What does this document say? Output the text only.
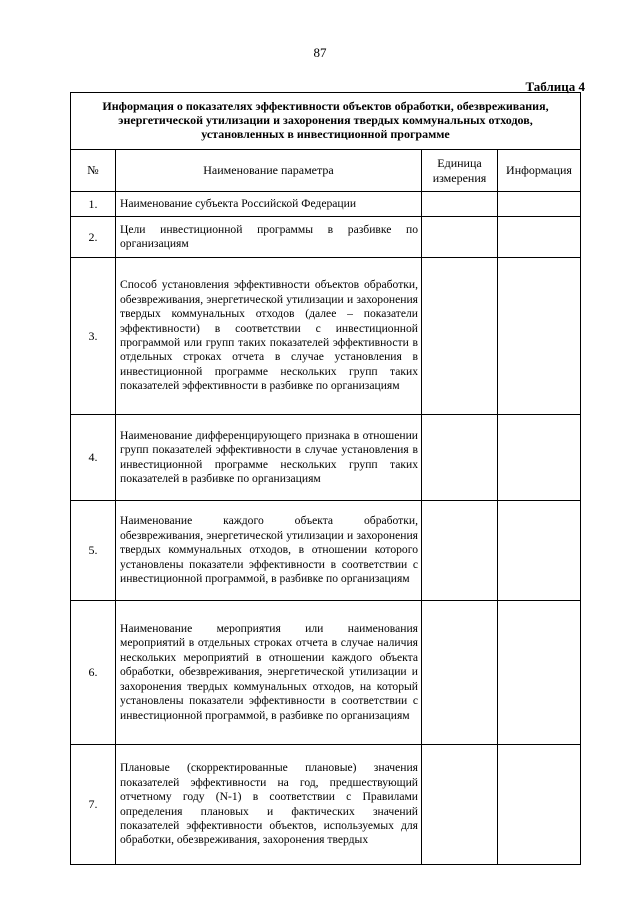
87
Таблица 4
Информация о показателях эффективности объектов обработки, обезвреживания, энергетической утилизации и захоронения твердых коммунальных отходов, установленных в инвестиционной программе			
№	Наименование параметра	Единица измерения	Информация
1.	Наименование субъекта Российской Федерации		
2.	Цели инвестиционной программы в разбивке по организациям		
3.	Способ установления эффективности объектов обработки, обезвреживания, энергетической утилизации и захоронения твердых коммунальных отходов (далее – показатели эффективности) в соответствии с инвестиционной программой или групп таких показателей эффективности в отдельных строках отчета в случае установления в инвестиционной программе нескольких групп таких показателей эффективности в разбивке по организациям		
4.	Наименование дифференцирующего признака в отношении групп показателей эффективности в случае установления в инвестиционной программе нескольких групп таких показателей в разбивке по организациям		
5.	Наименование каждого объекта обработки, обезвреживания, энергетической утилизации и захоронения твердых коммунальных отходов, в отношении которого установлены показатели эффективности в соответствии с инвестиционной программой, в разбивке по организациям		
6.	Наименование мероприятия или наименования мероприятий в отдельных строках отчета в случае наличия нескольких мероприятий в отношении каждого объекта обработки, обезвреживания, энергетической утилизации и захоронения твердых коммунальных отходов, на который установлены показатели эффективности в соответствии с инвестиционной программой, в разбивке по организациям		
7.	Плановые (скорректированные плановые) значения показателей эффективности на год, предшествующий отчетному году (N-1) в соответствии с Правилами определения плановых и фактических значений показателей эффективности объектов, используемых для обработки, обезвреживания, захоронения твердых		
